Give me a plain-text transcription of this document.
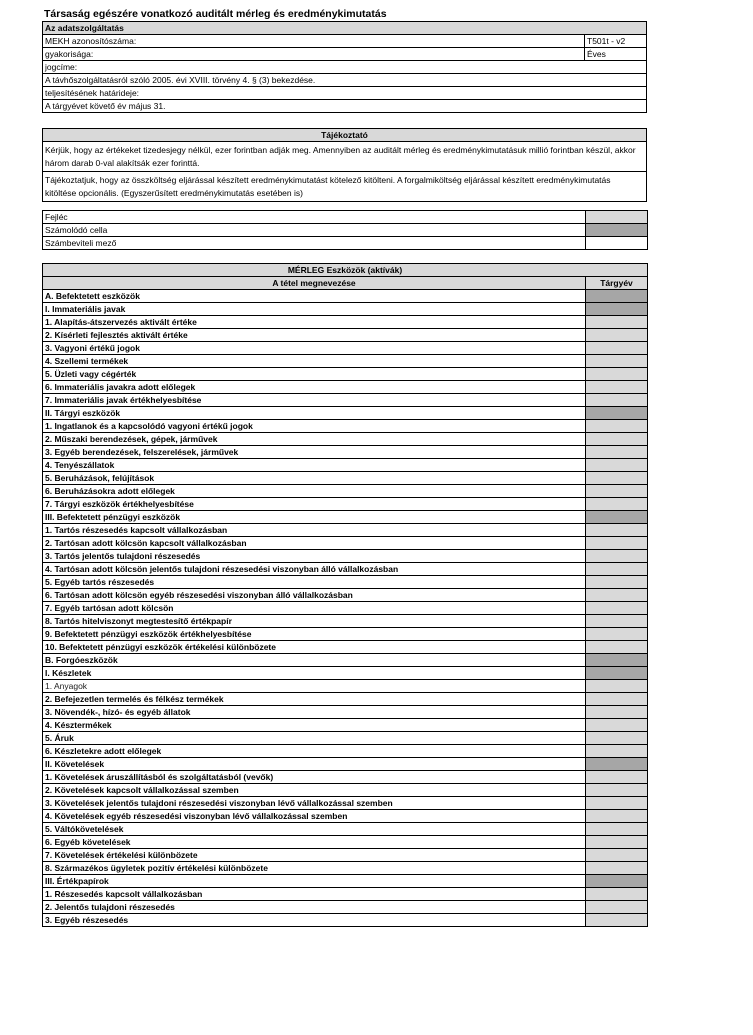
Társaság egészére vonatkozó auditált mérleg és eredménykimutatás
Az adatszolgáltatás
MEKH azonosítószáma:	T501t - v2
gyakorisága:	Éves
jogcíme:
A távhőszolgáltatásról szóló 2005. évi XVIII. törvény 4. § (3) bekezdése.
teljesítésének határideje:
A tárgyévet követő év május 31.
Tájékoztató
Kérjük, hogy az értékeket tizedesjegy nélkül, ezer forintban adják meg. Amennyiben az auditált mérleg és eredménykimutatásuk millió forintban készül, akkor három darab 0-val alakítsák ezer forinttá.
Tájékoztatjuk, hogy az összköltség eljárással készített eredménykimutatást kötelező kitölteni. A forgalmiköltség eljárással készített eredménykimutatás kitöltése opcionális. (Egyszerűsített eredménykimutatás esetében is)
Fejléc
Számolódó cella
Számbeviteli mező
MÉRLEG Eszközök (aktívák)
A tétel megnevezése	Tárgyév
A. Befektetett eszközök
I. Immateriális javak
1. Alapítás-átszervezés aktivált értéke
2. Kísérleti fejlesztés aktivált értéke
3. Vagyoni értékű jogok
4. Szellemi termékek
5. Üzleti vagy cégérték
6. Immateriális javakra adott előlegek
7. Immateriális javak értékhelyesbítése
II. Tárgyi eszközök
1. Ingatlanok és a kapcsolódó vagyoni értékű jogok
2. Műszaki berendezések, gépek, járművek
3. Egyéb berendezések, felszerelések, járművek
4. Tenyészállatok
5. Beruházások, felújítások
6. Beruházásokra adott előlegek
7. Tárgyi eszközök értékhelyesbítése
III. Befektetett pénzügyi eszközök
1. Tartós részesedés kapcsolt vállalkozásban
2. Tartósan adott kölcsön kapcsolt vállalkozásban
3. Tartós jelentős tulajdoni részesedés
4. Tartósan adott kölcsön jelentős tulajdoni részesedési viszonyban álló vállalkozásban
5. Egyéb tartós részesedés
6. Tartósan adott kölcsön egyéb részesedési viszonyban álló vállalkozásban
7. Egyéb tartósan adott kölcsön
8. Tartós hitelviszonyt megtestesítő értékpapír
9. Befektetett pénzügyi eszközök értékhelyesbítése
10. Befektetett pénzügyi eszközök értékelési különbözete
B. Forgóeszközök
I. Készletek
1. Anyagok
2. Befejezetlen termelés és félkész termékek
3. Növendék-, hízó- és egyéb állatok
4. Késztermékek
5. Áruk
6. Készletekre adott előlegek
II. Követelések
1. Követelések áruszállításból és szolgáltatásból (vevők)
2. Követelések kapcsolt vállalkozással szemben
3. Követelések jelentős tulajdoni részesedési viszonyban lévő vállalkozással szemben
4. Követelések egyéb részesedési viszonyban lévő vállalkozással szemben
5. Váltókövetelések
6. Egyéb követelések
7. Követelések értékelési különbözete
8. Származékos ügyletek pozitív értékelési különbözete
III. Értékpapírok
1. Részesedés kapcsolt vállalkozásban
2. Jelentős tulajdoni részesedés
3. Egyéb részesedés
